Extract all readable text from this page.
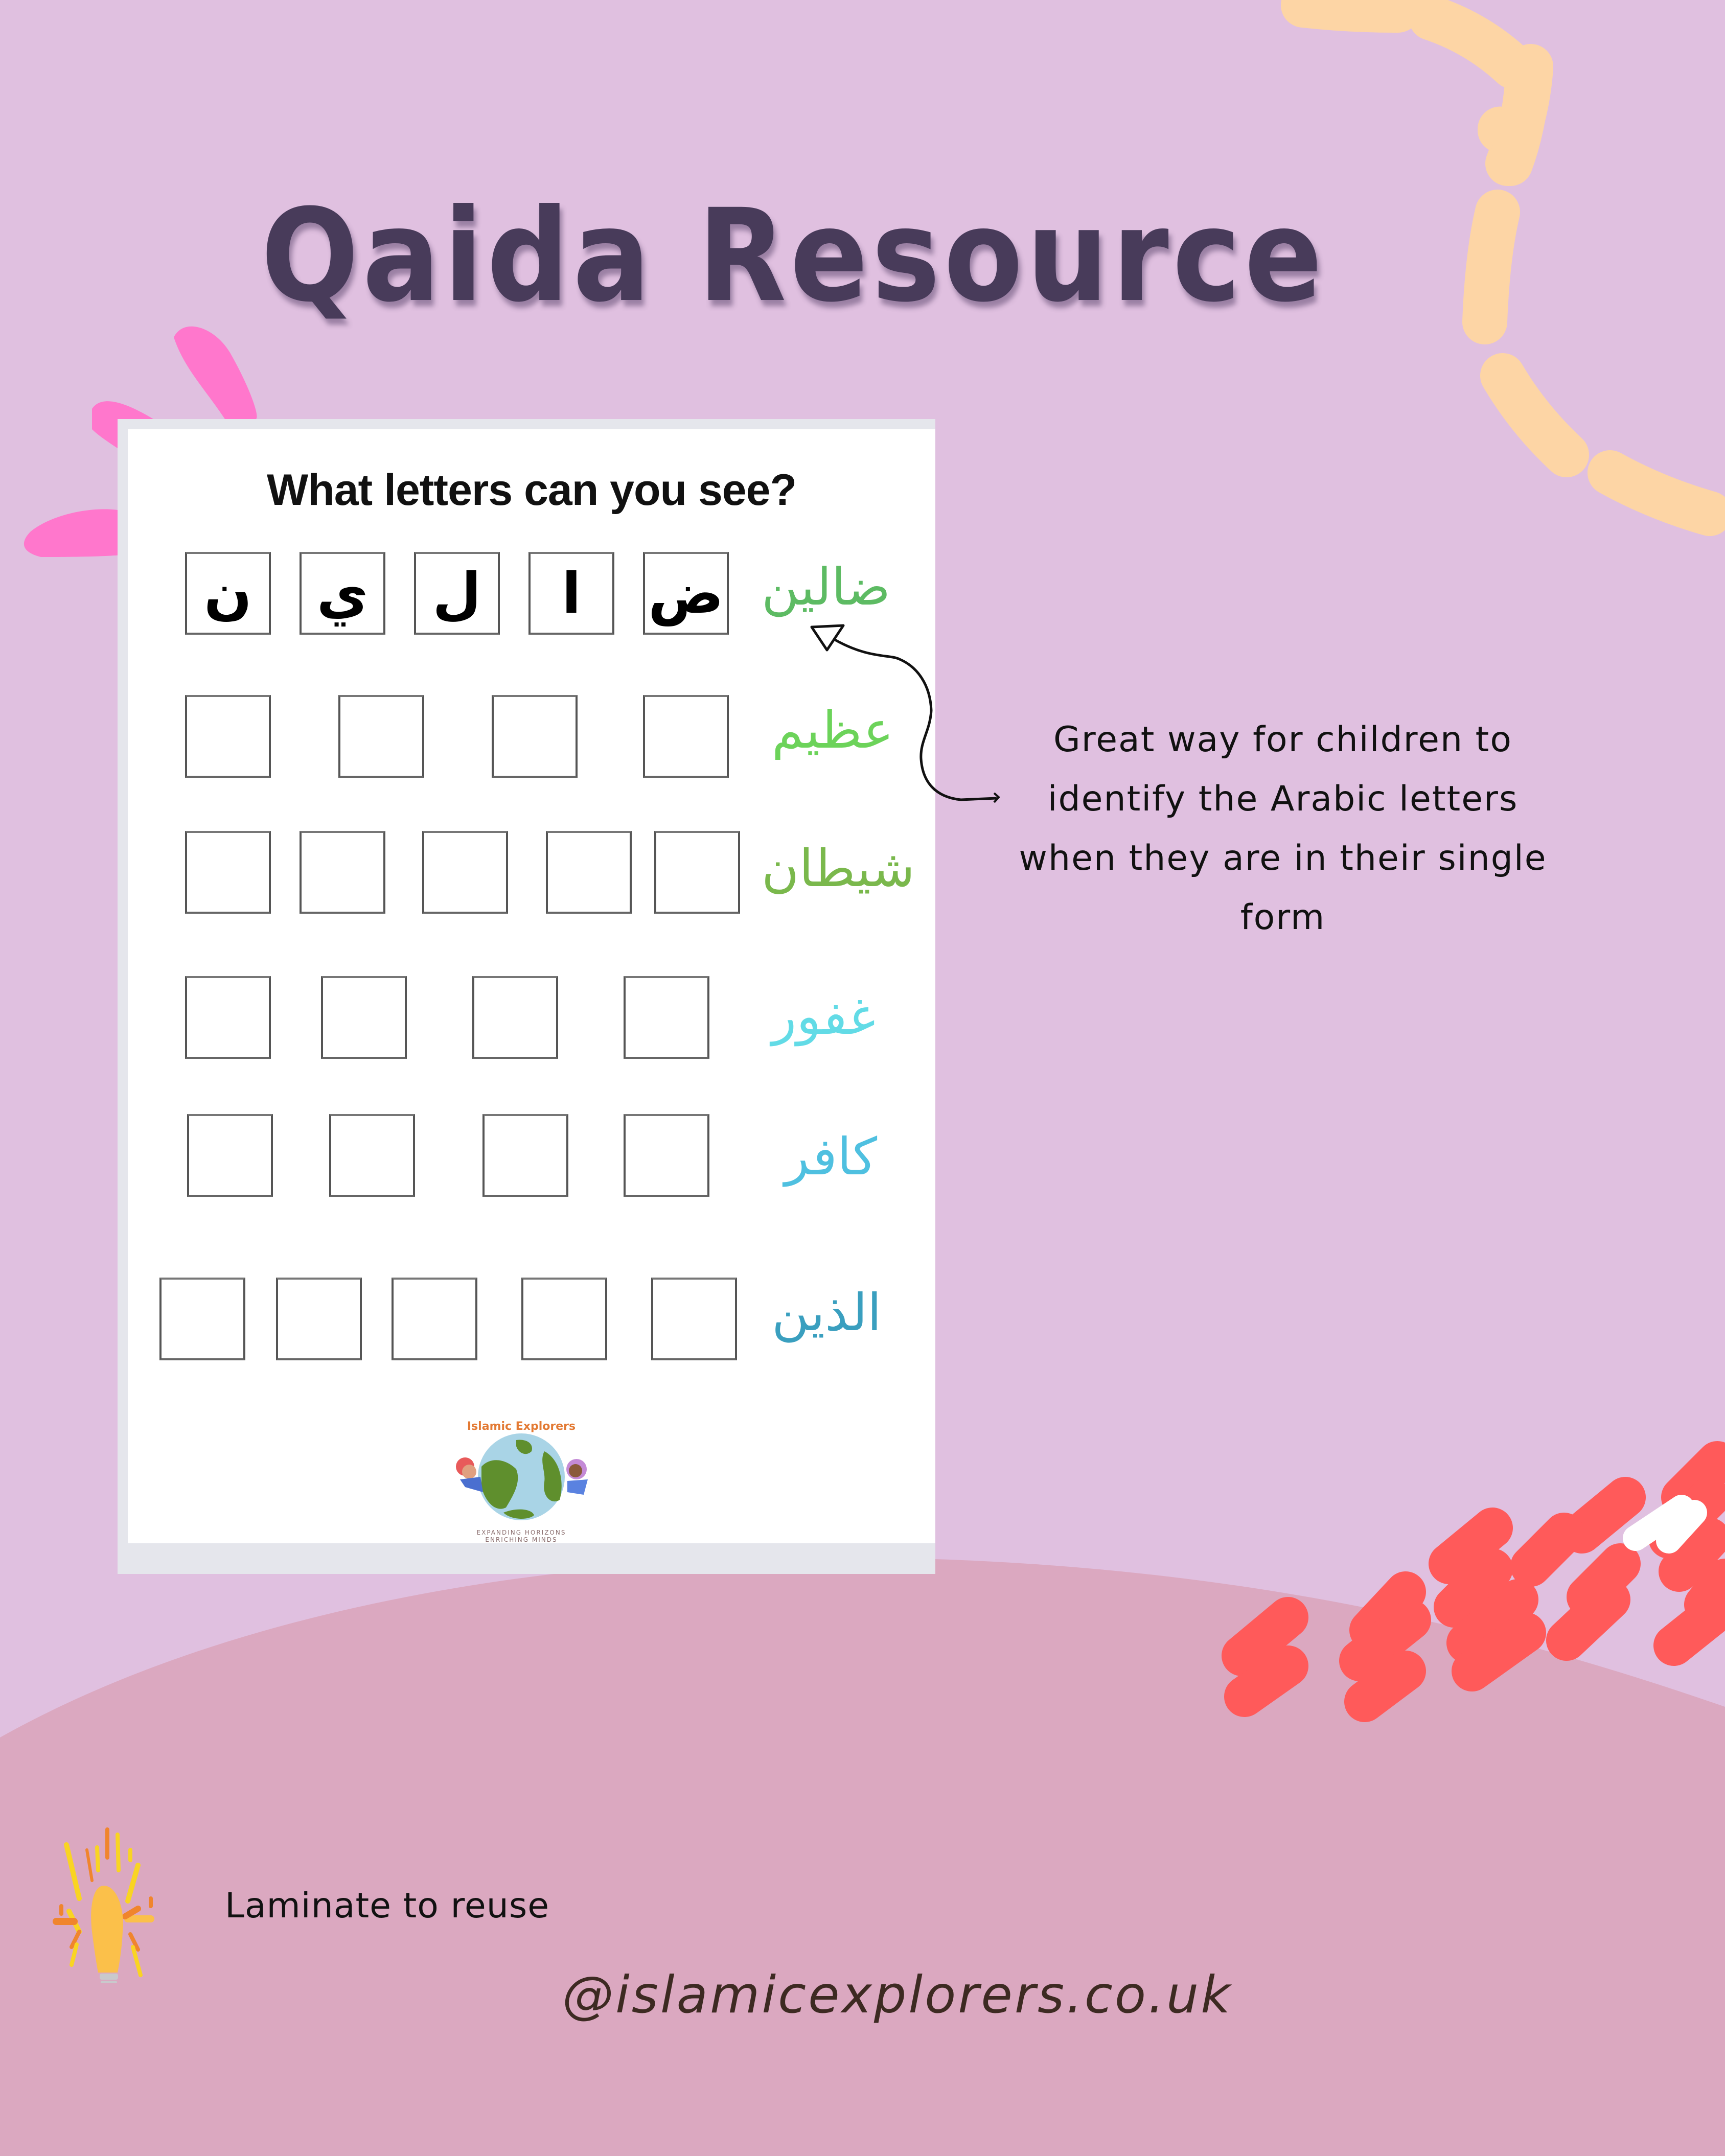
Qaida Resource
What letters can you see?
ن	ي	ل	ا	ض ضالين
عظيم
شيطان
غفور
كافر
الذين
Islamic Explorers
EXPANDING HORIZONS
ENRICHING MINDS
Great way for children to
identify the Arabic letters
when they are in their single
form
Laminate to reuse
@islamicexplorers.co.uk
